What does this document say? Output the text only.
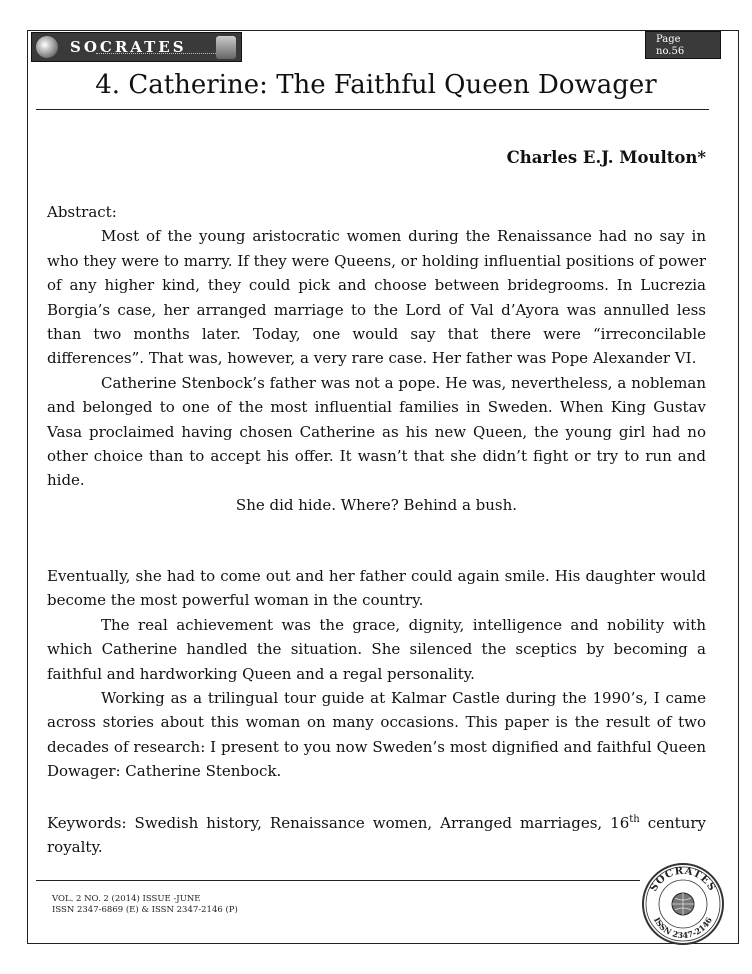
SOCRATES	Page
no.56
4. Catherine: The Faithful Queen Dowager
Charles E.J. Moulton*

Abstract:

Most of the young aristocratic women during the Renaissance had no say in who they were to marry. If they were Queens, or holding influential positions of power of any higher kind, they could pick and choose between bridegrooms. In Lucrezia Borgia’s case, her arranged marriage to the Lord of Val d’Ayora was annulled less than two months later. Today, one would say that there were “irreconcilable differences”. That was, however, a very rare case. Her father was Pope Alexander VI.

Catherine Stenbock’s father was not a pope. He was, nevertheless, a nobleman and belonged to one of the most influential families in Sweden. When King Gustav Vasa proclaimed having chosen Catherine as his new Queen, the young girl had no other choice than to accept his offer. It wasn’t that she didn’t fight or try to run and hide.

She did hide. Where? Behind a bush.

Eventually, she had to come out and her father could again smile. His daughter would become the most powerful woman in the country.

The real achievement was the grace, dignity, intelligence and nobility with which Catherine handled the situation. She silenced the sceptics by becoming a faithful and hardworking Queen and a regal personality.

Working as a trilingual tour guide at Kalmar Castle during the 1990’s, I came across stories about this woman on many occasions. This paper is the result of two decades of research: I present to you now Sweden’s most dignified and faithful Queen Dowager: Catherine Stenbock.

Keywords: Swedish history, Renaissance women, Arranged marriages, 16th century royalty.

VOL. 2 NO. 2 (2014) ISSUE -JUNE
ISSN 2347-6869 (E) & ISSN 2347-2146 (P)
SOCRATES
ISSN 2347-2146
